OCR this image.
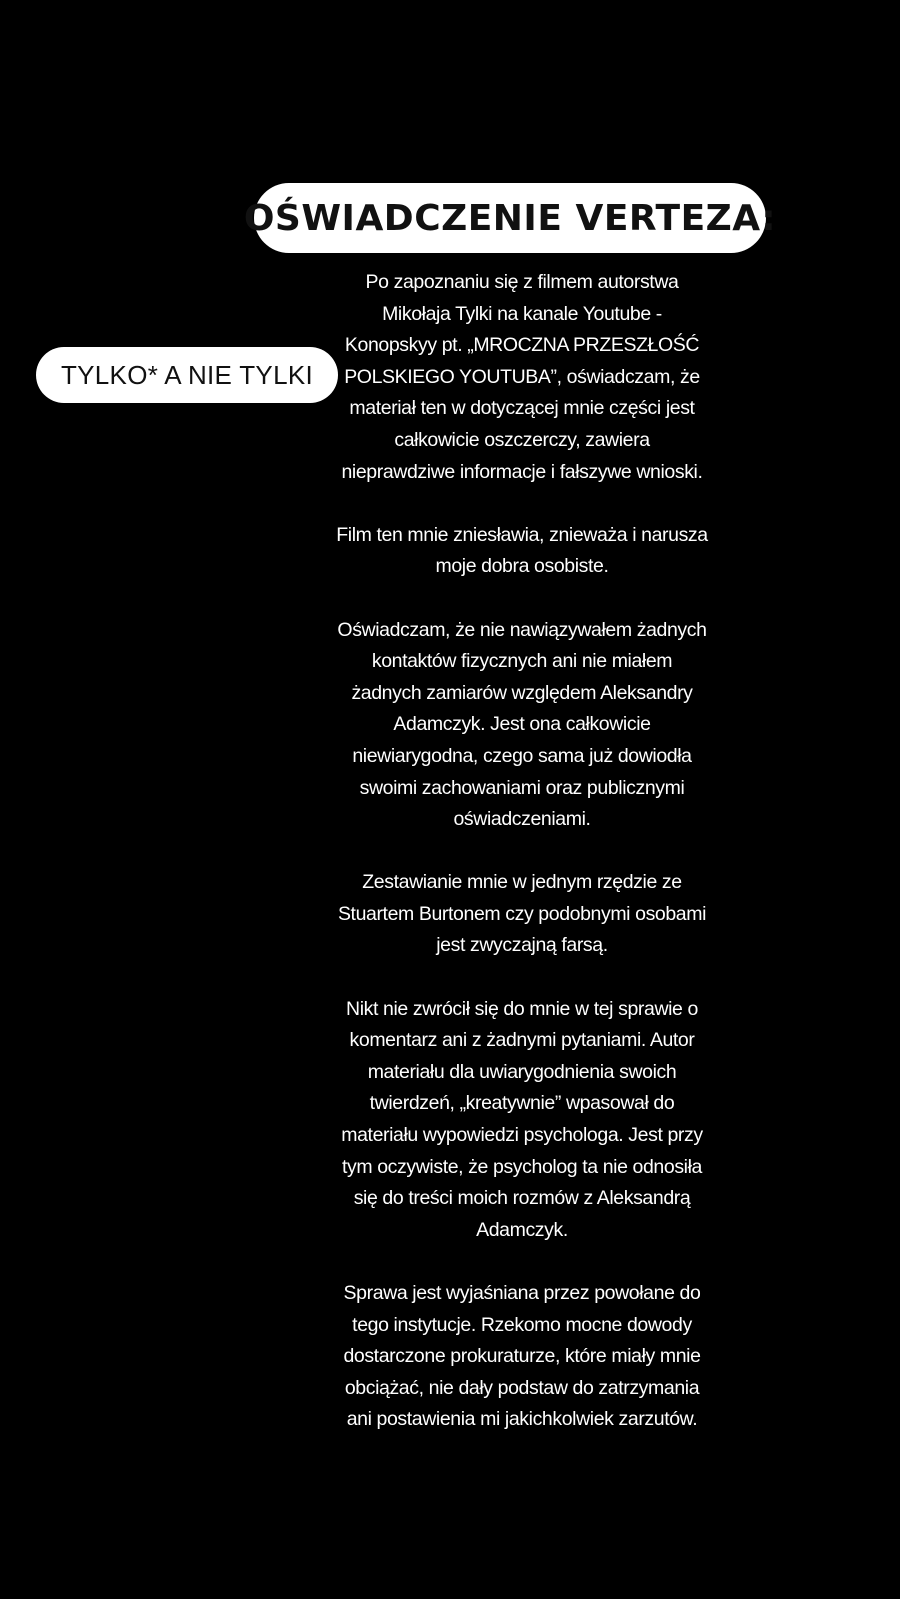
OŚWIADCZENIE VERTEZA:
TYLKO* A NIE TYLKI

Po zapoznaniu się z filmem autorstwa Mikołaja Tylki na kanale Youtube - Konopskyy pt. „MROCZNA PRZESZŁOŚĆ POLSKIEGO YOUTUBA”, oświadczam, że materiał ten w dotyczącej mnie części jest całkowicie oszczerczy, zawiera nieprawdziwe informacje i fałszywe wnioski.

Film ten mnie zniesławia, znieważa i narusza moje dobra osobiste.

Oświadczam, że nie nawiązywałem żadnych kontaktów fizycznych ani nie miałem żadnych zamiarów względem Aleksandry Adamczyk. Jest ona całkowicie niewiarygodna, czego sama już dowiodła swoimi zachowaniami oraz publicznymi oświadczeniami.

Zestawianie mnie w jednym rzędzie ze Stuartem Burtonem czy podobnymi osobami jest zwyczajną farsą.

Nikt nie zwrócił się do mnie w tej sprawie o komentarz ani z żadnymi pytaniami. Autor materiału dla uwiarygodnienia swoich twierdzeń, „kreatywnie” wpasował do materiału wypowiedzi psychologa. Jest przy tym oczywiste, że psycholog ta nie odnosiła się do treści moich rozmów z Aleksandrą Adamczyk.

Sprawa jest wyjaśniana przez powołane do tego instytucje. Rzekomo mocne dowody dostarczone prokuraturze, które miały mnie obciążać, nie dały podstaw do zatrzymania ani postawienia mi jakichkolwiek zarzutów.
